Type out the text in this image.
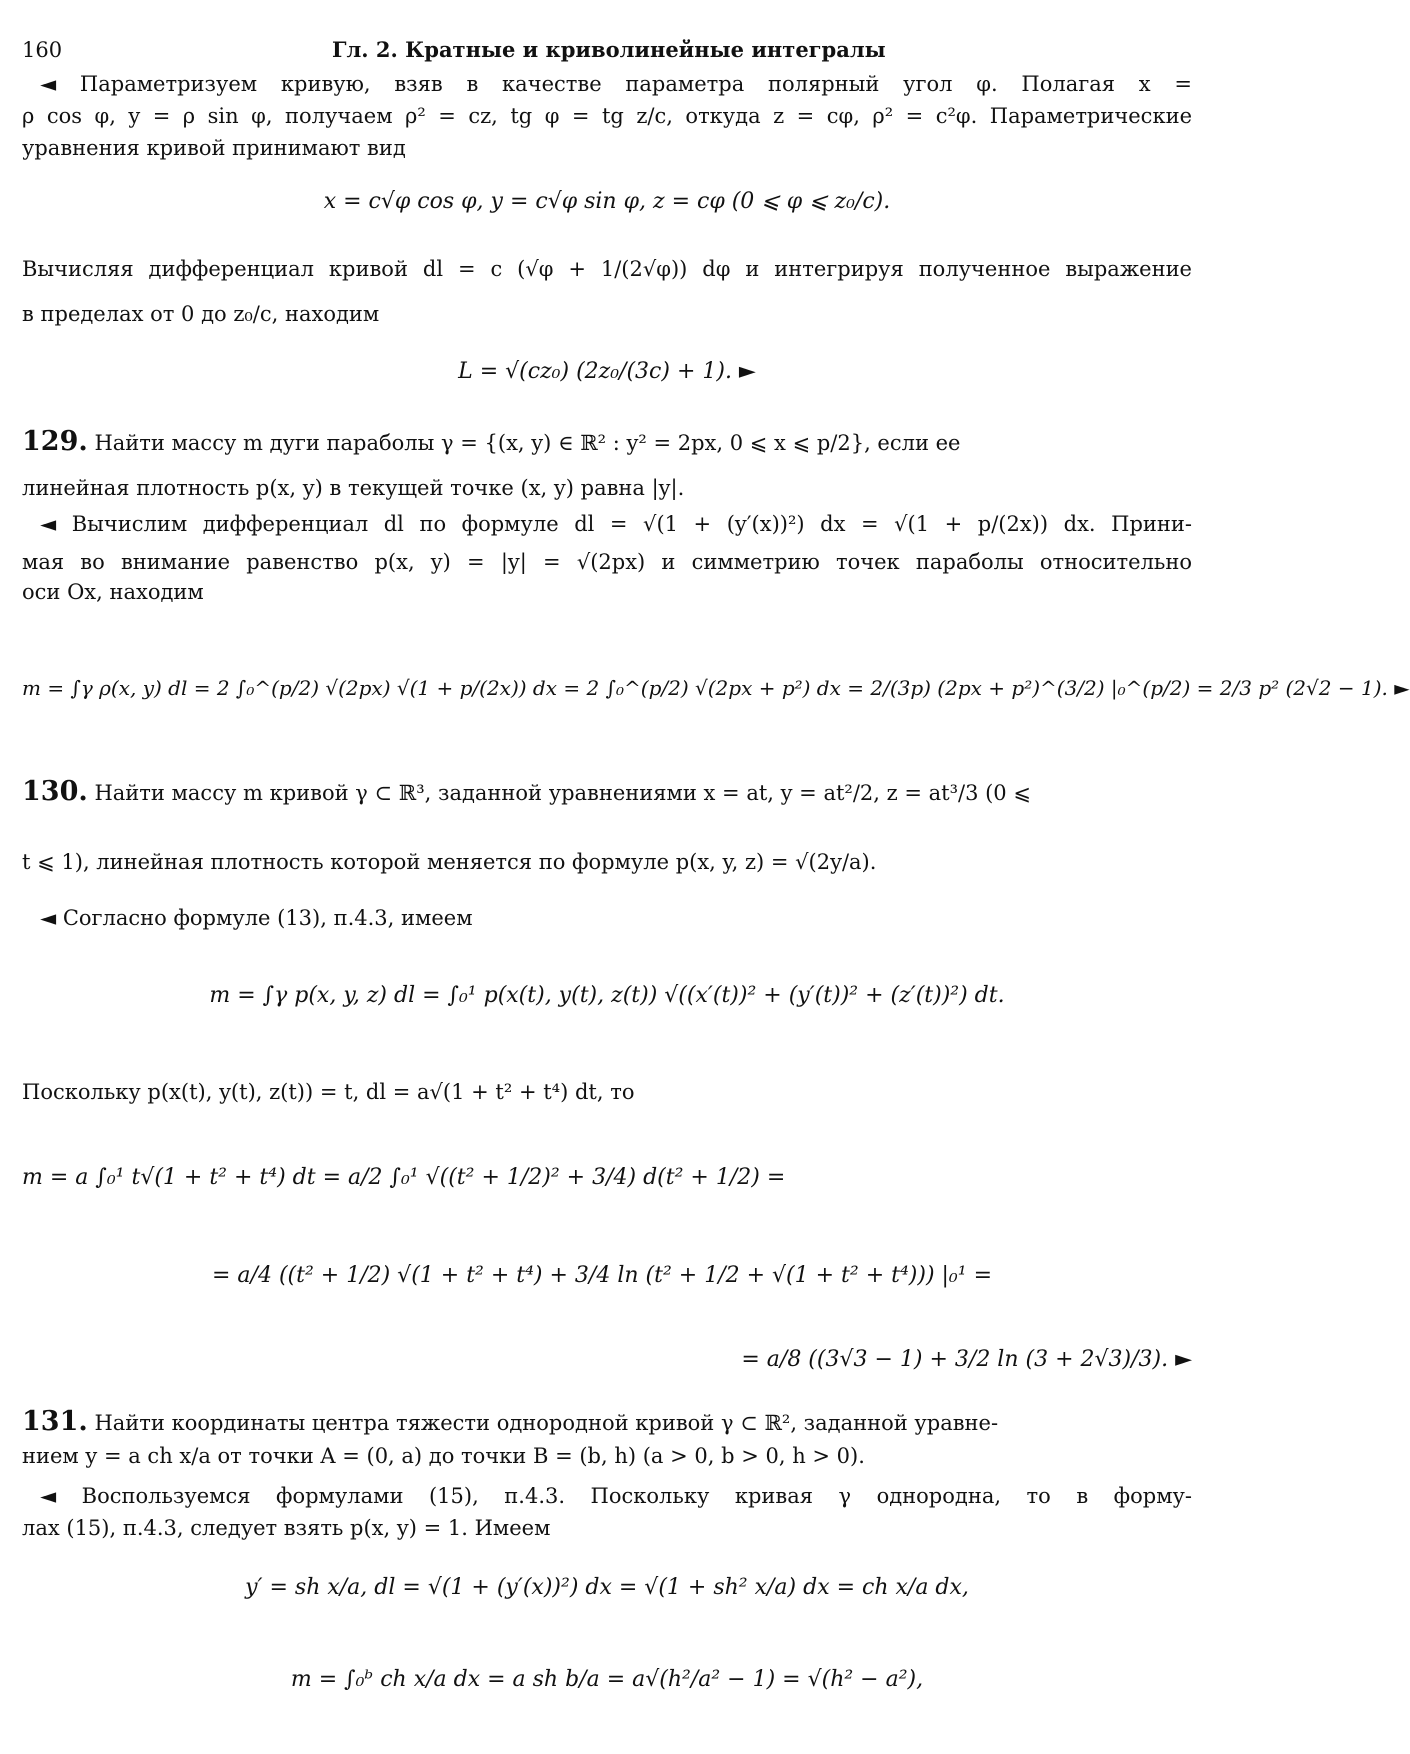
160	Гл. 2. Кратные и криволинейные интегралы
◄ Параметризуем кривую, взяв в качестве параметра полярный угол φ. Полагая x =
ρ cos φ, y = ρ sin φ, получаем ρ² = cz, tg φ = tg z/c, откуда z = cφ, ρ² = c²φ. Параметрические
уравнения кривой принимают вид
x = c√φ cos φ, y = c√φ sin φ, z = cφ (0 ⩽ φ ⩽ z₀/c).
Вычисляя дифференциал кривой dl = c (√φ + 1/(2√φ)) dφ и интегрируя полученное выражение
в пределах от 0 до z₀/c, находим
L = √(cz₀) (2z₀/(3c) + 1). ►
129. Найти массу m дуги параболы γ = {(x, y) ∈ ℝ² : y² = 2px, 0 ⩽ x ⩽ p/2}, если ее
линейная плотность p(x, y) в текущей точке (x, y) равна |y|.
◄ Вычислим дифференциал dl по формуле dl = √(1 + (y′(x))²) dx = √(1 + p/(2x)) dx. Прини-
мая во внимание равенство p(x, y) = |y| = √(2px) и симметрию точек параболы относительно
оси Ox, находим
m = ∫γ ρ(x, y) dl = 2 ∫₀^(p/2) √(2px) √(1 + p/(2x)) dx = 2 ∫₀^(p/2) √(2px + p²) dx = 2/(3p) (2px + p²)^(3/2) |₀^(p/2) = 2/3 p² (2√2 − 1). ►
130. Найти массу m кривой γ ⊂ ℝ³, заданной уравнениями x = at, y = at²/2, z = at³/3 (0 ⩽
t ⩽ 1), линейная плотность которой меняется по формуле p(x, y, z) = √(2y/a).
◄ Согласно формуле (13), п.4.3, имеем
m = ∫γ p(x, y, z) dl = ∫₀¹ p(x(t), y(t), z(t)) √((x′(t))² + (y′(t))² + (z′(t))²) dt.
Поскольку p(x(t), y(t), z(t)) = t, dl = a√(1 + t² + t⁴) dt, то
m = a ∫₀¹ t√(1 + t² + t⁴) dt = a/2 ∫₀¹ √((t² + 1/2)² + 3/4) d(t² + 1/2) =
= a/4 ((t² + 1/2) √(1 + t² + t⁴) + 3/4 ln (t² + 1/2 + √(1 + t² + t⁴))) |₀¹ =
= a/8 ((3√3 − 1) + 3/2 ln (3 + 2√3)/3). ►
131. Найти координаты центра тяжести однородной кривой γ ⊂ ℝ², заданной уравне-
нием y = a ch x/a от точки A = (0, a) до точки B = (b, h) (a > 0, b > 0, h > 0).
◄ Воспользуемся формулами (15), п.4.3. Поскольку кривая γ однородна, то в форму-
лах (15), п.4.3, следует взять p(x, y) = 1. Имеем
y′ = sh x/a, dl = √(1 + (y′(x))²) dx = √(1 + sh² x/a) dx = ch x/a dx,
m = ∫₀ᵇ ch x/a dx = a sh b/a = a√(h²/a² − 1) = √(h² − a²),
